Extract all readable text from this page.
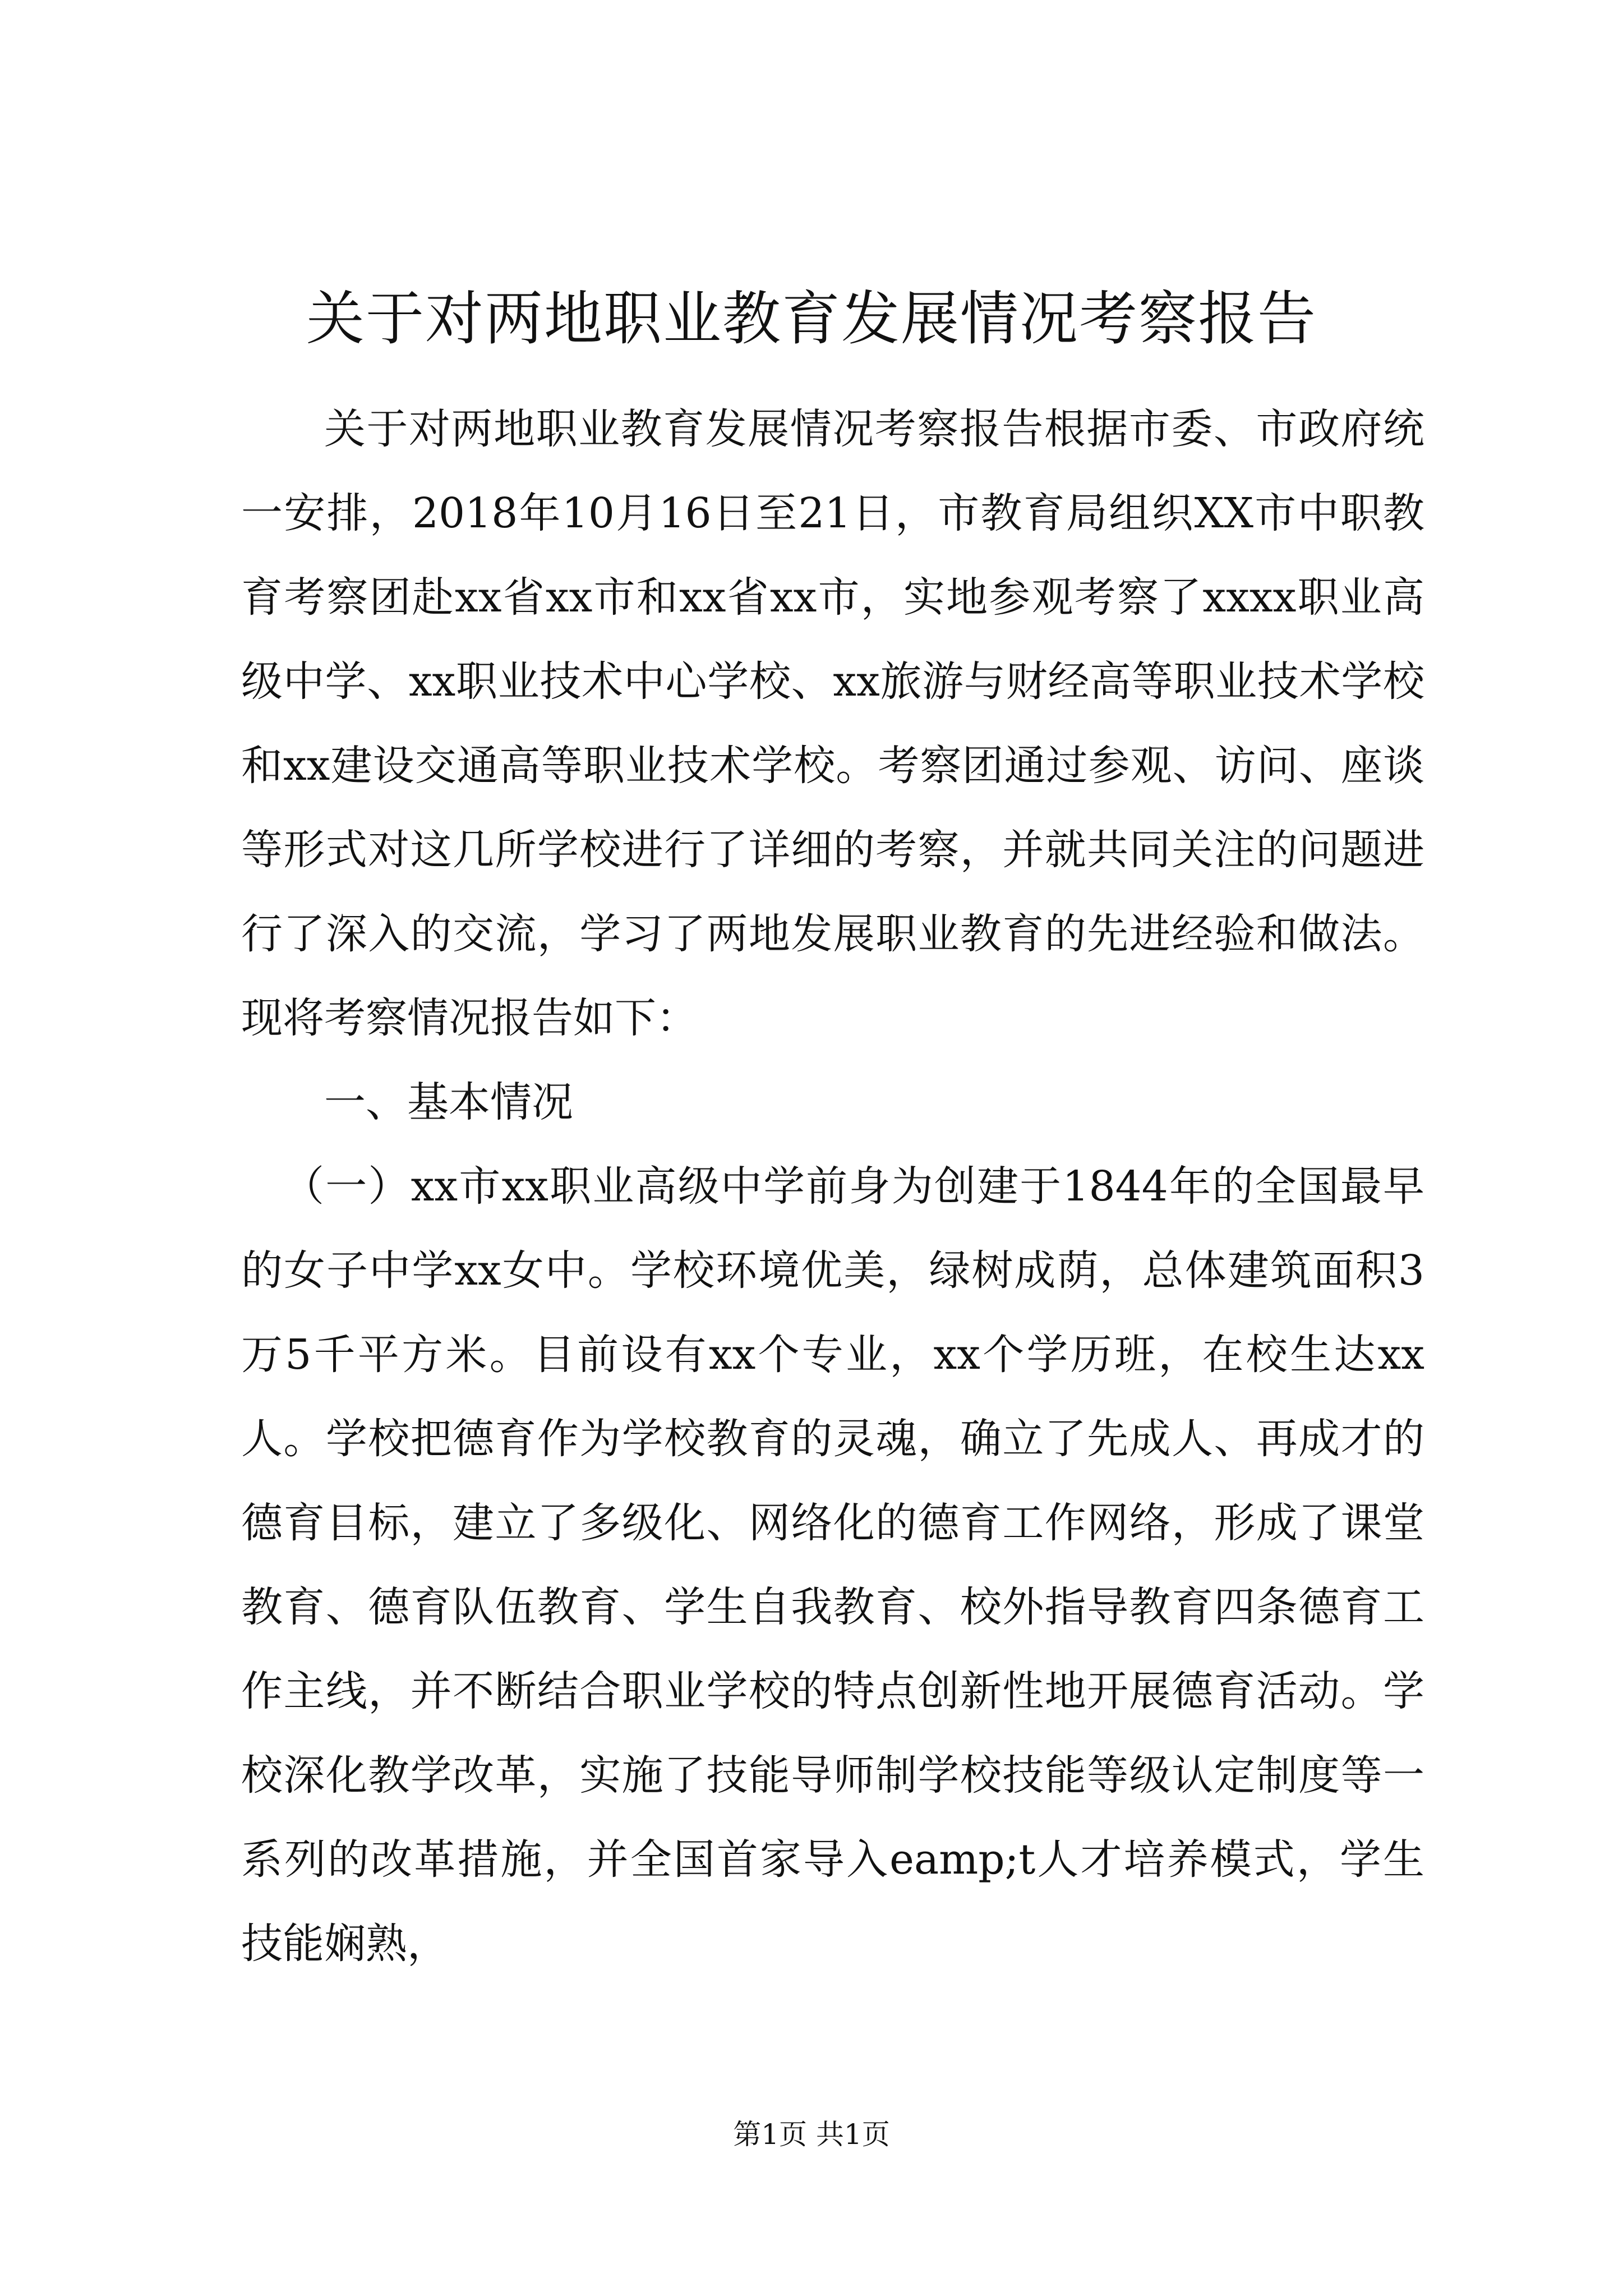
关于对两地职业教育发展情况考察报告

关于对两地职业教育发展情况考察报告根据市委、市政府统一安排，2018年10月16日至21日，市教育局组织XX市中职教育考察团赴xx省xx市和xx省xx市，实地参观考察了xxxx职业高级中学、xx职业技术中心学校、xx旅游与财经高等职业技术学校和xx建设交通高等职业技术学校。考察团通过参观、访问、座谈等形式对这几所学校进行了详细的考察，并就共同关注的问题进行了深入的交流，学习了两地发展职业教育的先进经验和做法。现将考察情况报告如下：

一、基本情况

（一）xx市xx职业高级中学前身为创建于1844年的全国最早的女子中学xx女中。学校环境优美，绿树成荫，总体建筑面积3万5千平方米。目前设有xx个专业，xx个学历班，在校生达xx人。学校把德育作为学校教育的灵魂，确立了先成人、再成才的德育目标，建立了多级化、网络化的德育工作网络，形成了课堂教育、德育队伍教育、学生自我教育、校外指导教育四条德育工作主线，并不断结合职业学校的特点创新性地开展德育活动。学校深化教学改革，实施了技能导师制学校技能等级认定制度等一系列的改革措施，并全国首家导入eamp;t人才培养模式，学生技能娴熟，

第1页 共1页
